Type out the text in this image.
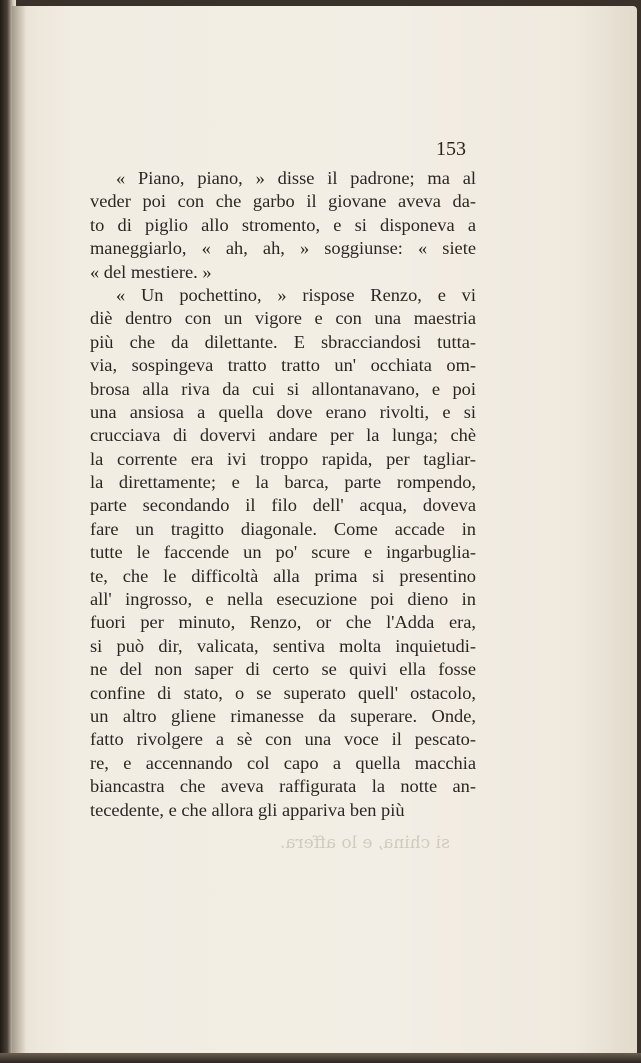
si china, e lo affera.
153
« Piano, piano, » disse il padrone; ma al
veder poi con che garbo il giovane aveva da-
to di piglio allo stromento, e si disponeva a
maneggiarlo, « ah, ah, » soggiunse: « siete
« del mestiere. »
« Un pochettino, » rispose Renzo, e vi
diè dentro con un vigore e con una maestria
più che da dilettante. E sbracciandosi tutta-
via, sospingeva tratto tratto un' occhiata om-
brosa alla riva da cui si allontanavano, e poi
una ansiosa a quella dove erano rivolti, e si
crucciava di dovervi andare per la lunga; chè
la corrente era ivi troppo rapida, per tagliar-
la direttamente; e la barca, parte rompendo,
parte secondando il filo dell' acqua, doveva
fare un tragitto diagonale. Come accade in
tutte le faccende un po' scure e ingarbuglia-
te, che le difficoltà alla prima si presentino
all' ingrosso, e nella esecuzione poi dieno in
fuori per minuto, Renzo, or che l'Adda era,
si può dir, valicata, sentiva molta inquietudi-
ne del non saper di certo se quivi ella fosse
confine di stato, o se superato quell' ostacolo,
un altro gliene rimanesse da superare. Onde,
fatto rivolgere a sè con una voce il pescato-
re, e accennando col capo a quella macchia
biancastra che aveva raffigurata la notte an-
tecedente, e che allora gli appariva ben più
